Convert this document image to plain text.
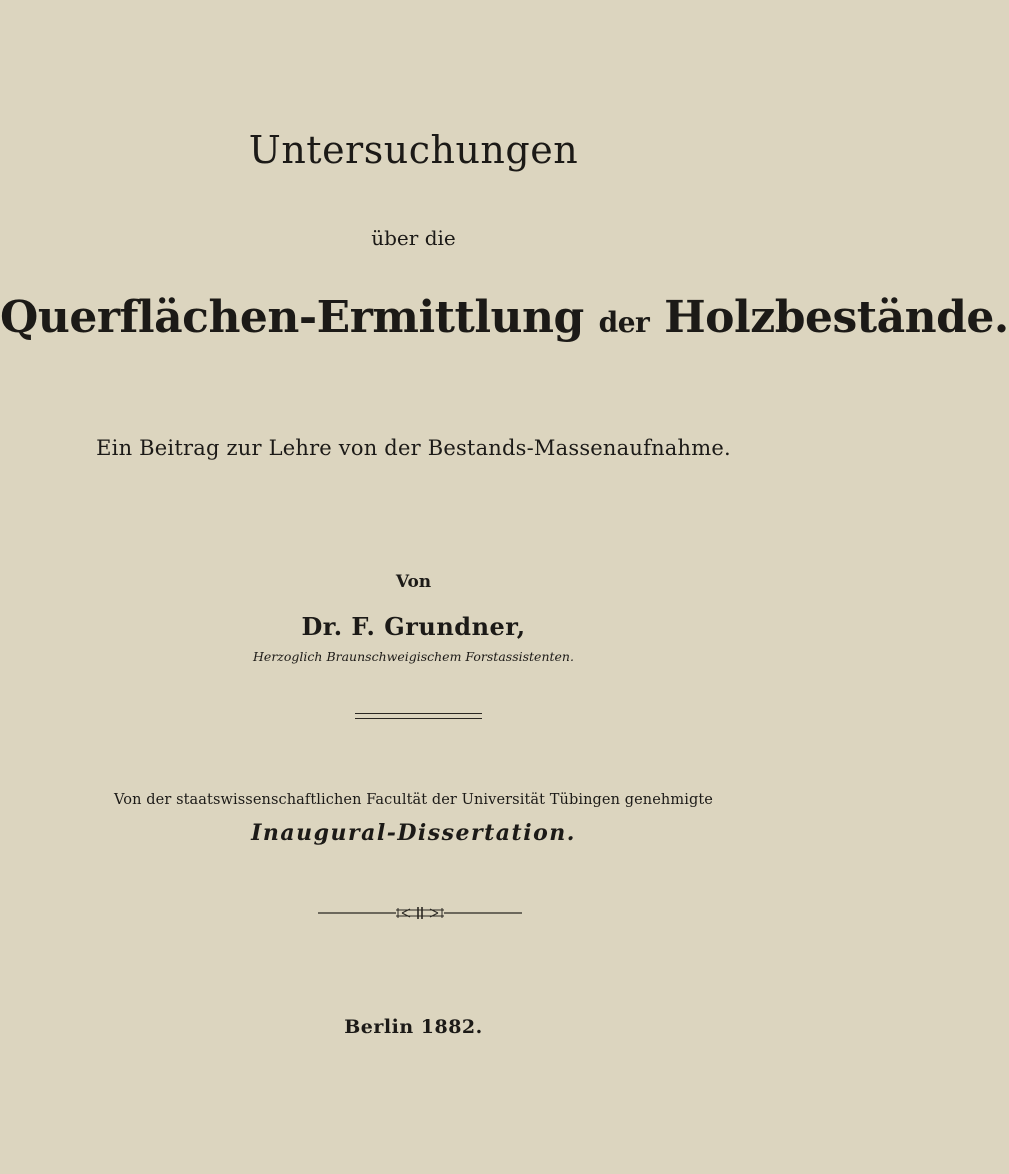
Untersuchungen
über die
Querflächen-Ermittlung der Holzbestände.
Ein Beitrag zur Lehre von der Bestands-Massenaufnahme.
Von
Dr. F. Grundner,
Herzoglich Braunschweigischem Forstassistenten.
Von der staatswissenschaftlichen Facultät der Universität Tübingen genehmigte
Inaugural-Dissertation.
Berlin 1882.
